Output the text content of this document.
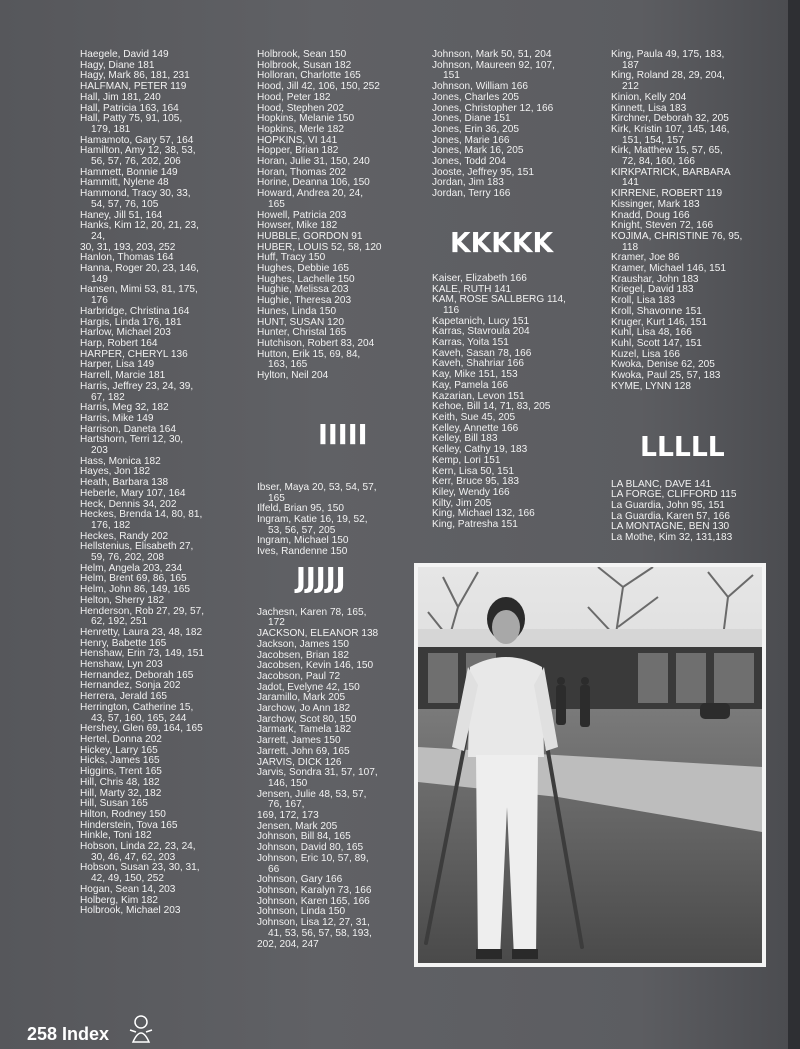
Haegele, David 149
Hagy, Diane 181
Hagy, Mark 86, 181, 231
HALFMAN, PETER 119
Hall, Jim 181, 240
Hall, Patricia 163, 164
Hall, Patty 75, 91, 105,
179, 181
Hamamoto, Gary 57, 164
Hamilton, Amy 12, 38, 53,
56, 57, 76, 202, 206
Hammett, Bonnie 149
Hammitt, Nylene 48
Hammond, Tracy 30, 33,
54, 57, 76, 105
Haney, Jill 51, 164
Hanks, Kim 12, 20, 21, 23,
24,
30, 31, 193, 203, 252
Hanlon, Thomas 164
Hanna, Roger 20, 23, 146,
149
Hansen, Mimi 53, 81, 175,
176
Harbridge, Christina 164
Hargis, Linda 176, 181
Harlow, Michael 203
Harp, Robert 164
HARPER, CHERYL 136
Harper, Lisa 149
Harrell, Marcie 181
Harris, Jeffrey 23, 24, 39,
67, 182
Harris, Meg 32, 182
Harris, Mike 149
Harrison, Daneta 164
Hartshorn, Terri 12, 30,
203
Hass, Monica 182
Hayes, Jon 182
Heath, Barbara 138
Heberle, Mary 107, 164
Heck, Dennis 34, 202
Heckes, Brenda 14, 80, 81,
176, 182
Heckes, Randy 202
Hellstenius, Elisabeth 27,
59, 76, 202, 208
Helm, Angela 203, 234
Helm, Brent 69, 86, 165
Helm, John 86, 149, 165
Helton, Sherry 182
Henderson, Rob 27, 29, 57,
62, 192, 251
Henretty, Laura 23, 48, 182
Henry, Babette 165
Henshaw, Erin 73, 149, 151
Henshaw, Lyn 203
Hernandez, Deborah 165
Hernandez, Sonja 202
Herrera, Jerald 165
Herrington, Catherine 15,
43, 57, 160, 165, 244
Hershey, Glen 69, 164, 165
Hertel, Donna 202
Hickey, Larry 165
Hicks, James 165
Higgins, Trent 165
Hill, Chris 48, 182
Hill, Marty 32, 182
Hill, Susan 165
Hilton, Rodney 150
Hinderstein, Tova 165
Hinkle, Toni 182
Hobson, Linda 22, 23, 24,
30, 46, 47, 62, 203
Hobson, Susan 23, 30, 31,
42, 49, 150, 252
Hogan, Sean 14, 203
Holberg, Kim 182
Holbrook, Michael 203
Holbrook, Sean 150
Holbrook, Susan 182
Holloran, Charlotte 165
Hood, Jill 42, 106, 150, 252
Hood, Peter 182
Hood, Stephen 202
Hopkins, Melanie 150
Hopkins, Merle 182
HOPKINS, VI 141
Hopper, Brian 182
Horan, Julie 31, 150, 240
Horan, Thomas 202
Horine, Deanna 106, 150
Howard, Andrea 20, 24,
165
Howell, Patricia 203
Howser, Mike 182
HUBBLE, GORDON 91
HUBER, LOUIS 52, 58, 120
Huff, Tracy 150
Hughes, Debbie 165
Hughes, Lachelle 150
Hughie, Melissa 203
Hughie, Theresa 203
Hunes, Linda 150
HUNT, SUSAN 120
Hunter, Christal 165
Hutchison, Robert 83, 204
Hutton, Erik 15, 69, 84,
163, 165
Hylton, Neil 204
Ibser, Maya 20, 53, 54, 57,
165
Ilfeld, Brian 95, 150
Ingram, Katie 16, 19, 52,
53, 56, 57, 205
Ingram, Michael 150
Ives, Randenne 150
Jachesn, Karen 78, 165,
172
JACKSON, ELEANOR 138
Jackson, James 150
Jacobsen, Brian 182
Jacobsen, Kevin 146, 150
Jacobson, Paul 72
Jadot, Evelyne 42, 150
Jaramillo, Mark 205
Jarchow, Jo Ann 182
Jarchow, Scot 80, 150
Jarmark, Tamela 182
Jarrett, James 150
Jarrett, John 69, 165
JARVIS, DICK 126
Jarvis, Sondra 31, 57, 107,
146, 150
Jensen, Julie 48, 53, 57,
76, 167,
169, 172, 173
Jensen, Mark 205
Johnson, Bill 84, 165
Johnson, David 80, 165
Johnson, Eric 10, 57, 89,
66
Johnson, Gary 166
Johnson, Karalyn 73, 166
Johnson, Karen 165, 166
Johnson, Linda 150
Johnson, Lisa 12, 27, 31,
41, 53, 56, 57, 58, 193,
202, 204, 247
Johnson, Mark 50, 51, 204
Johnson, Maureen 92, 107,
151
Johnson, William 166
Jones, Charles 205
Jones, Christopher 12, 166
Jones, Diane 151
Jones, Erin 36, 205
Jones, Marie 166
Jones, Mark 16, 205
Jones, Todd 204
Jooste, Jeffrey 95, 151
Jordan, Jim 183
Jordan, Terry 166
Kaiser, Elizabeth 166
KALE, RUTH 141
KAM, ROSE SALLBERG 114,
116
Kapetanich, Lucy 151
Karras, Stavroula 204
Karras, Yoita 151
Kaveh, Sasan 78, 166
Kaveh, Shahriar 166
Kay, Mike 151, 153
Kay, Pamela 166
Kazarian, Levon 151
Kehoe, Bill 14, 71, 83, 205
Keith, Sue 45, 205
Kelley, Annette 166
Kelley, Bill 183
Kelley, Cathy 19, 183
Kemp, Lori 151
Kern, Lisa 50, 151
Kerr, Bruce 95, 183
Kiley, Wendy 166
Kilty, Jim 205
King, Michael 132, 166
King, Patresha 151
King, Paula 49, 175, 183,
187
King, Roland 28, 29, 204,
212
Kinion, Kelly 204
Kinnett, Lisa 183
Kirchner, Deborah 32, 205
Kirk, Kristin 107, 145, 146,
151, 154, 157
Kirk, Matthew 15, 57, 65,
72, 84, 160, 166
KIRKPATRICK, BARBARA
141
KIRRENE, ROBERT 119
Kissinger, Mark 183
Knadd, Doug 166
Knight, Steven 72, 166
KOJIMA, CHRISTINE 76, 95,
118
Kramer, Joe 86
Kramer, Michael 146, 151
Kraushar, John 183
Kriegel, David 183
Kroll, Lisa 183
Kroll, Shavonne 151
Kruger, Kurt 146, 151
Kuhl, Lisa 48, 166
Kuhl, Scott 147, 151
Kuzel, Lisa 166
Kwoka, Denise 62, 205
Kwoka, Paul 25, 57, 183
KYME, LYNN 128
LA BLANC, DAVE 141
LA FORGE, CLIFFORD 115
La Guardia, John 95, 151
La Guardia, Karen 57, 166
LA MONTAGNE, BEN 130
La Mothe, Kim 32, 131,183
IIIII
JJJJJ
KKKKK
LLLLL
258 Index
